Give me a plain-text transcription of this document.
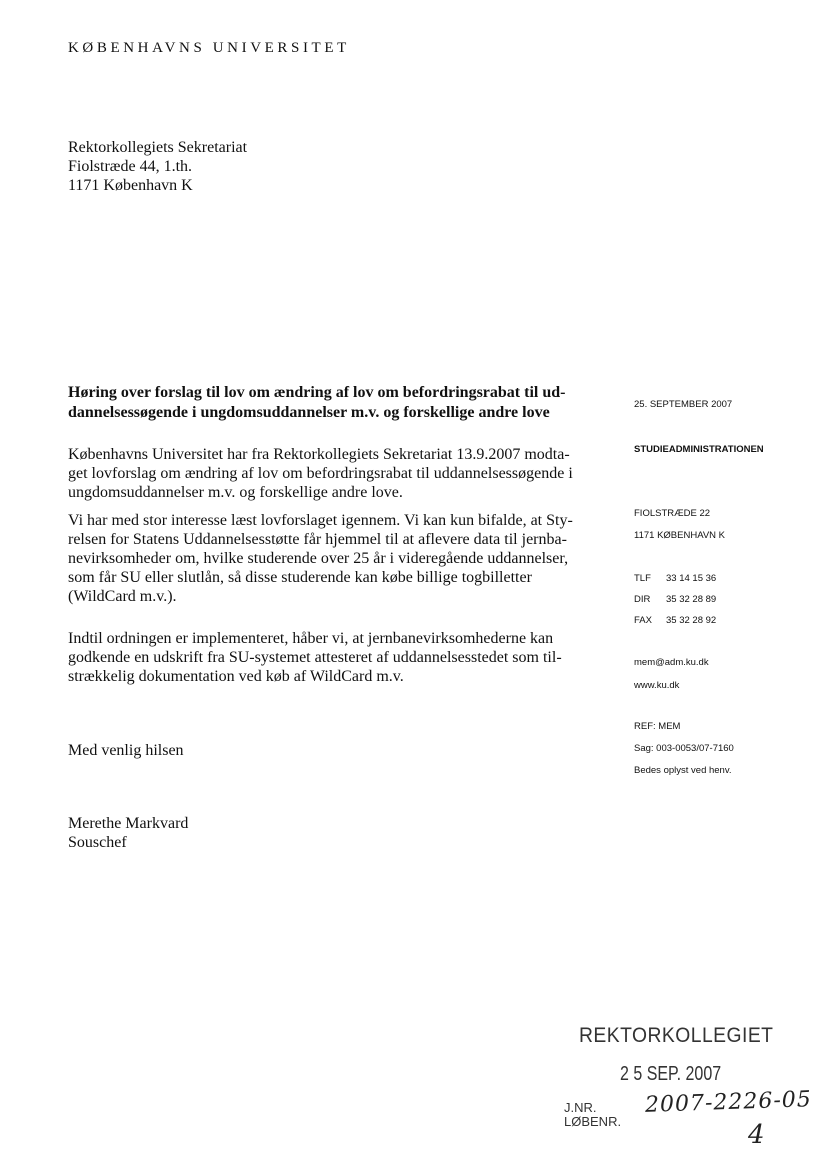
KØBENHAVNS UNIVERSITET
Rektorkollegiets Sekretariat
Fiolstræde 44, 1.th.
1171 København K
Høring over forslag til lov om ændring af lov om befordringsrabat til ud-
dannelsessøgende i ungdomsuddannelser m.v. og forskellige andre love
Københavns Universitet har fra Rektorkollegiets Sekretariat 13.9.2007 modta-
get lovforslag om ændring af lov om befordringsrabat til uddannelsessøgende i
ungdomsuddannelser m.v. og forskellige andre love.
Vi har med stor interesse læst lovforslaget igennem. Vi kan kun bifalde, at Sty-
relsen for Statens Uddannelsesstøtte får hjemmel til at aflevere data til jernba-
nevirksomheder om, hvilke studerende over 25 år i videregående uddannelser,
som får SU eller slutlån, så disse studerende kan købe billige togbilletter
(WildCard m.v.).
Indtil ordningen er implementeret, håber vi, at jernbanevirksomhederne kan
godkende en udskrift fra SU-systemet attesteret af uddannelsesstedet som til-
strækkelig dokumentation ved køb af WildCard m.v.
Med venlig hilsen
Merethe Markvard
Souschef
25. SEPTEMBER 2007
STUDIEADMINISTRATIONEN
FIOLSTRÆDE 22
1171 KØBENHAVN K
TLF 33 14 15 36
DIR 35 32 28 89
FAX 35 32 28 92
mem@adm.ku.dk
www.ku.dk
REF: MEM
Sag: 003-0053/07-7160
Bedes oplyst ved henv.
REKTORKOLLEGIET
2 5 SEP. 2007
J.NR.
LØBENR.
2007-2226-05
4
